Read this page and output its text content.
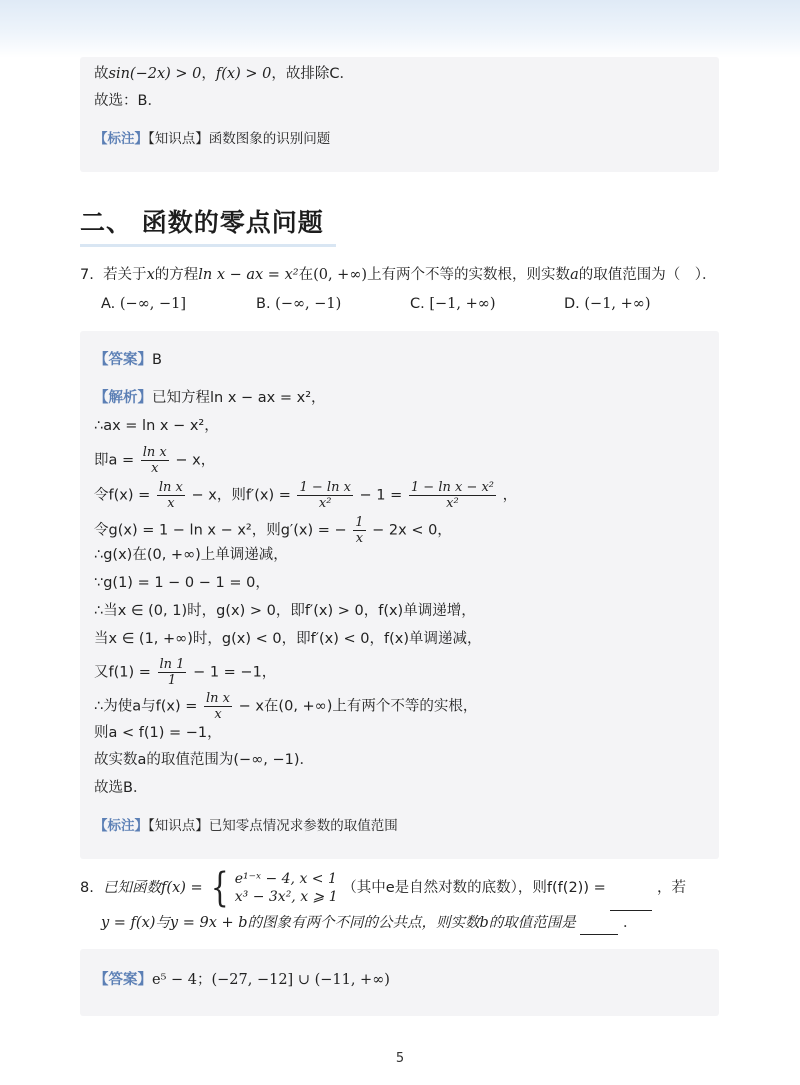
故sin(−2x) > 0，f(x) > 0，故排除C．
故选：B．
【标注】【知识点】函数图象的识别问题
二、 函数的零点问题
7. 若关于x的方程ln x − ax = x²在(0, +∞)上有两个不等的实数根，则实数a的取值范围为（　）．
A. (−∞, −1]	B. (−∞, −1)	C. [−1, +∞)	D. (−1, +∞)
【答案】B
【解析】已知方程ln x − ax = x²，
∴ax = ln x − x²，
即$a = \frac{\text{ln x}}{x} - x$，
令$f(x) = \frac{\text{ln x}}{x} - x$，则$f'(x) = \frac{\text{1 − ln x}}{\text{x²}} - 1 = \frac{\text{1 − ln x − x²}}{\text{x²}}$ ，
令g(x) = 1 − ln x − x²，则g′(x) = − $\frac{1}{x} - 2x < 0$，
∴g(x)在(0, +∞)上单调递减，
∵g(1) = 1 − 0 − 1 = 0，
∴当x ∈ (0, 1)时，g(x) > 0，即f′(x) > 0，f(x)单调递增，
当x ∈ (1, +∞)时，g(x) < 0，即f′(x) < 0，f(x)单调递减，
又$f(1) = \frac{\ln 1}{1} - 1 = -1$，
∴为使a与$f(x) = \frac{\text{ln x}}{x} - x$在(0, +∞)上有两个不等的实根，
则a < f(1) = −1，
故实数a的取值范围为(−∞, −1)．
故选B．
【标注】【知识点】已知零点情况求参数的取值范围
8. 已知函数f(x) = { e¹⁻ˣ − 4, x < 1
x³ − 3x², x ⩾ 1
（其中e是自然对数的底数），则f(f(2)) =	，若
y = f(x)与y = 9x + b的图象有两个不同的公共点，则实数b的取值范围是	．
【答案】e⁵ − 4；(−27, −12] ∪ (−11, +∞)
5
